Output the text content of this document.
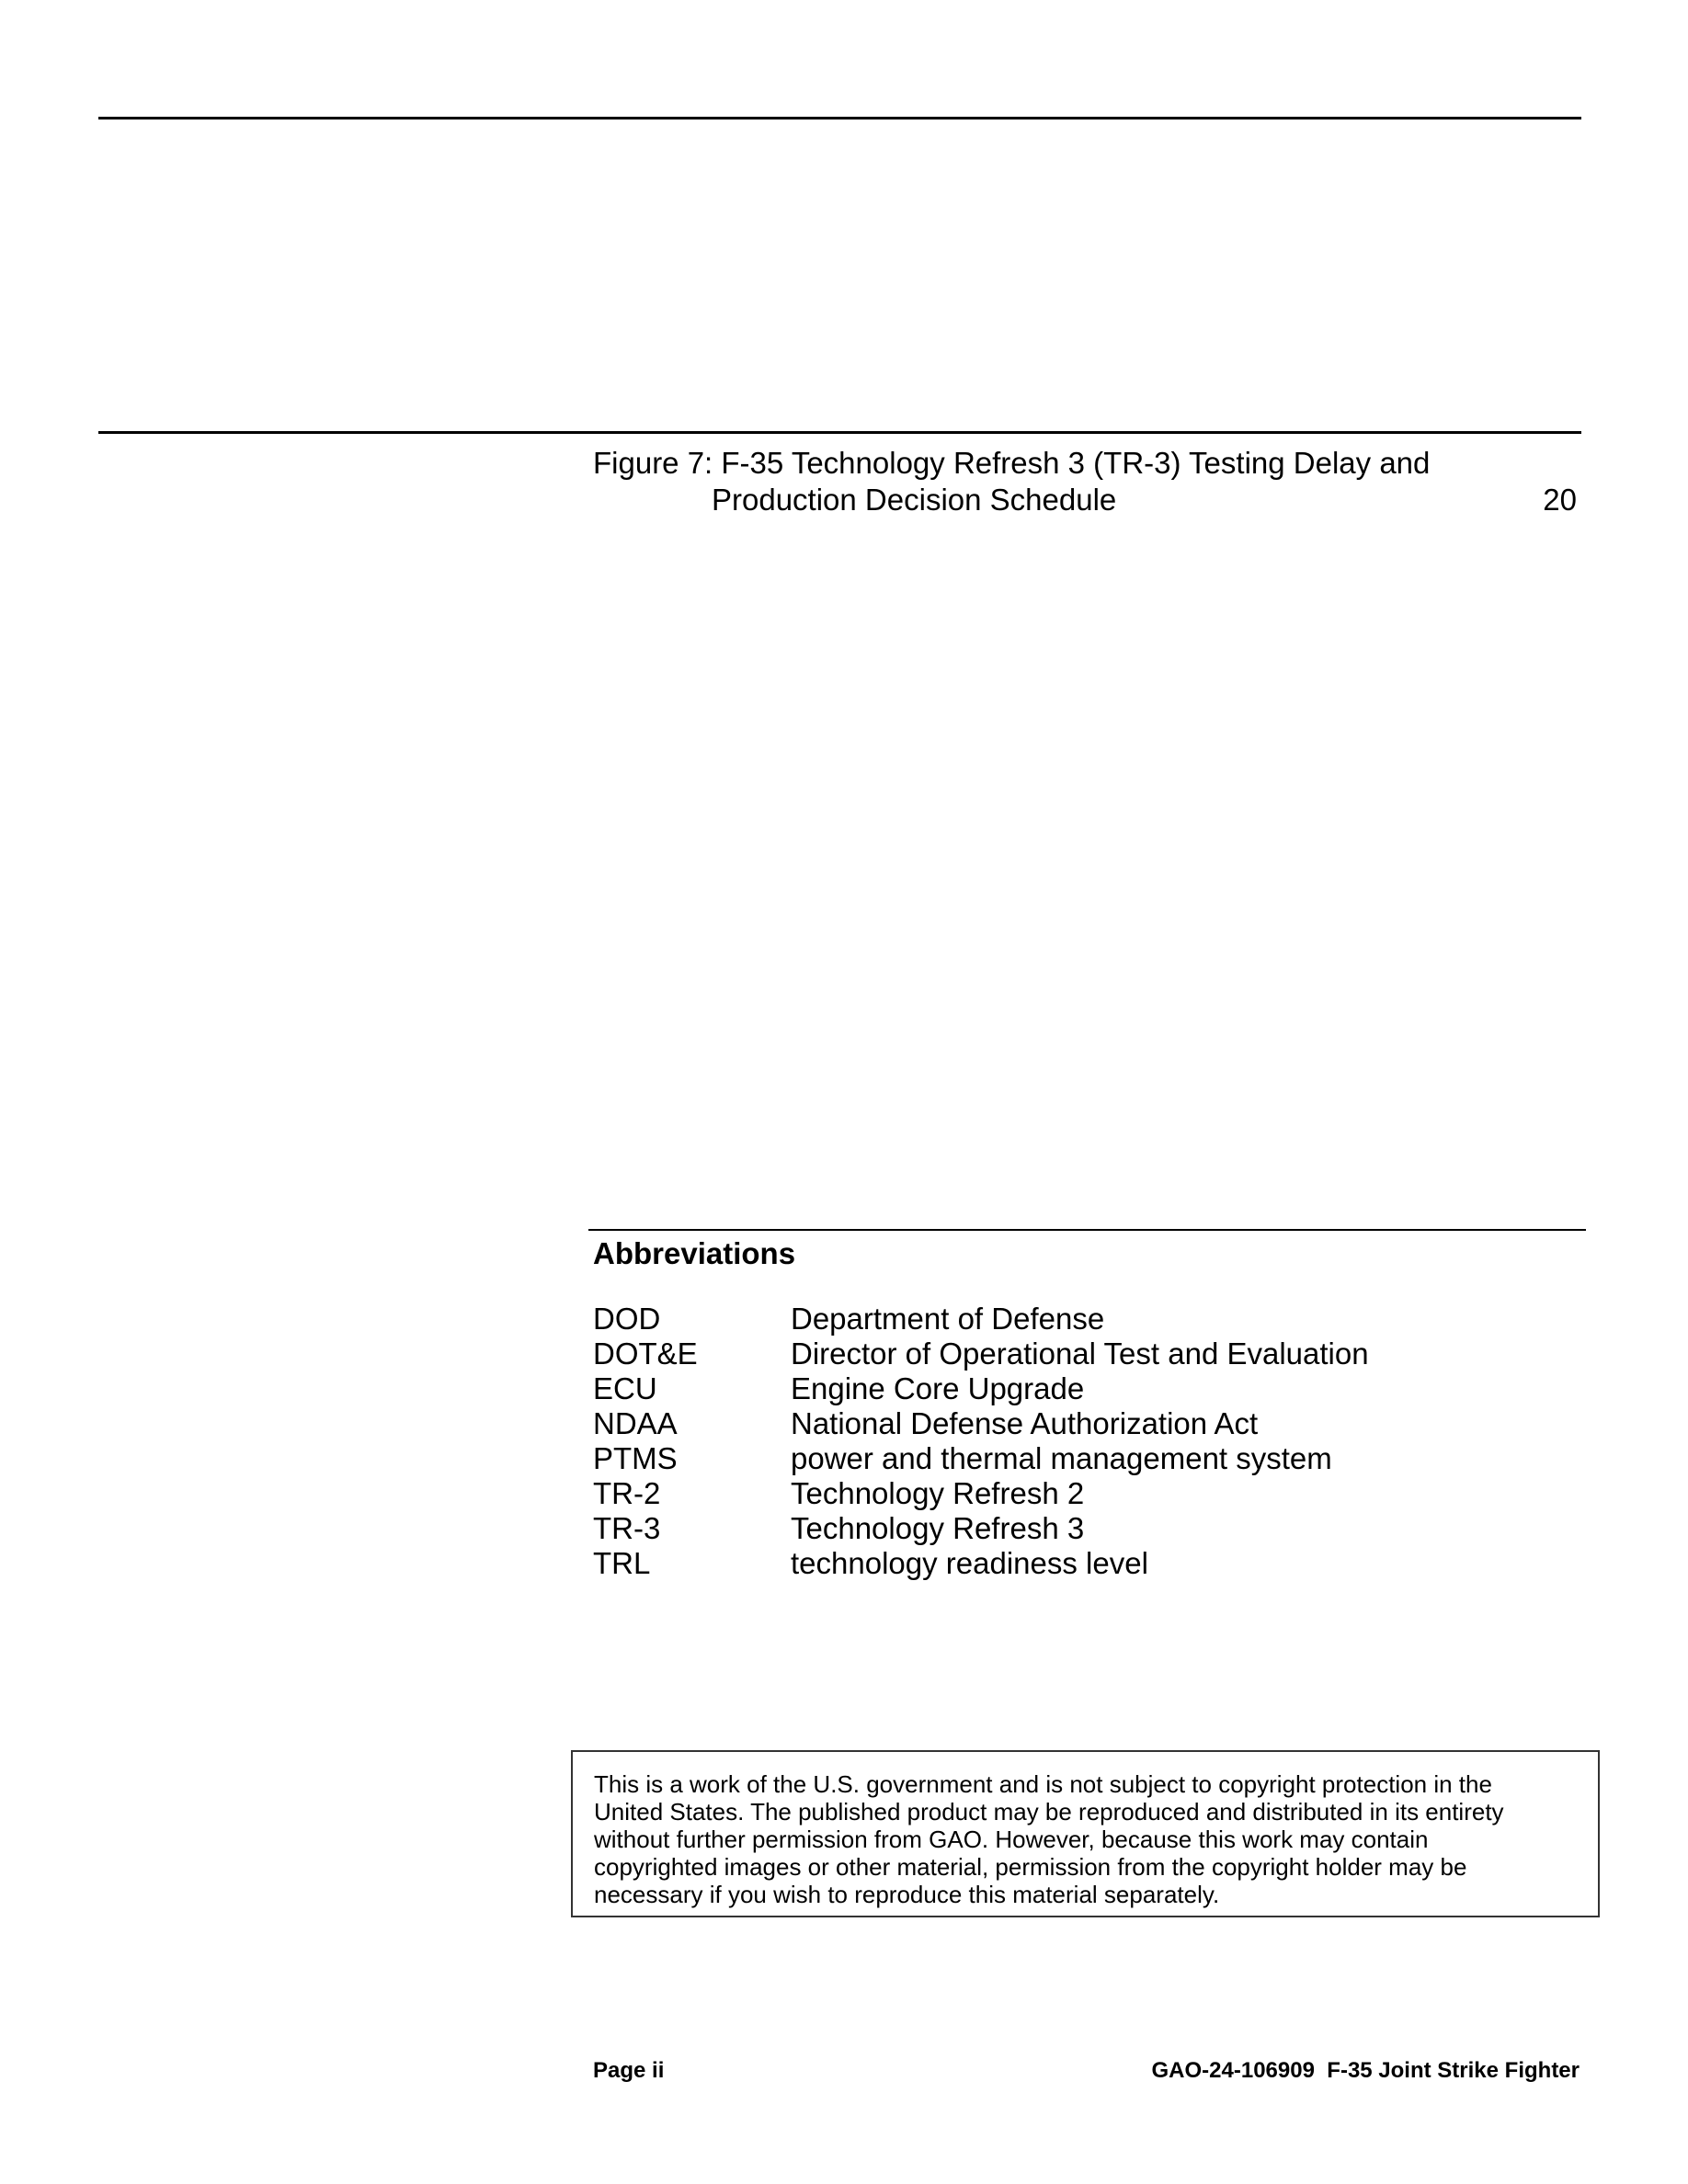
Figure 7: F-35 Technology Refresh 3 (TR-3) Testing Delay and
Production Decision Schedule	20
Abbreviations
DOD	Department of Defense
DOT&E	Director of Operational Test and Evaluation
ECU	Engine Core Upgrade
NDAA	National Defense Authorization Act
PTMS	power and thermal management system
TR-2	Technology Refresh 2
TR-3	Technology Refresh 3
TRL	technology readiness level
This is a work of the U.S. government and is not subject to copyright protection in the
United States. The published product may be reproduced and distributed in its entirety
without further permission from GAO. However, because this work may contain
copyrighted images or other material, permission from the copyright holder may be
necessary if you wish to reproduce this material separately.
Page ii	GAO-24-106909  F-35 Joint Strike Fighter
